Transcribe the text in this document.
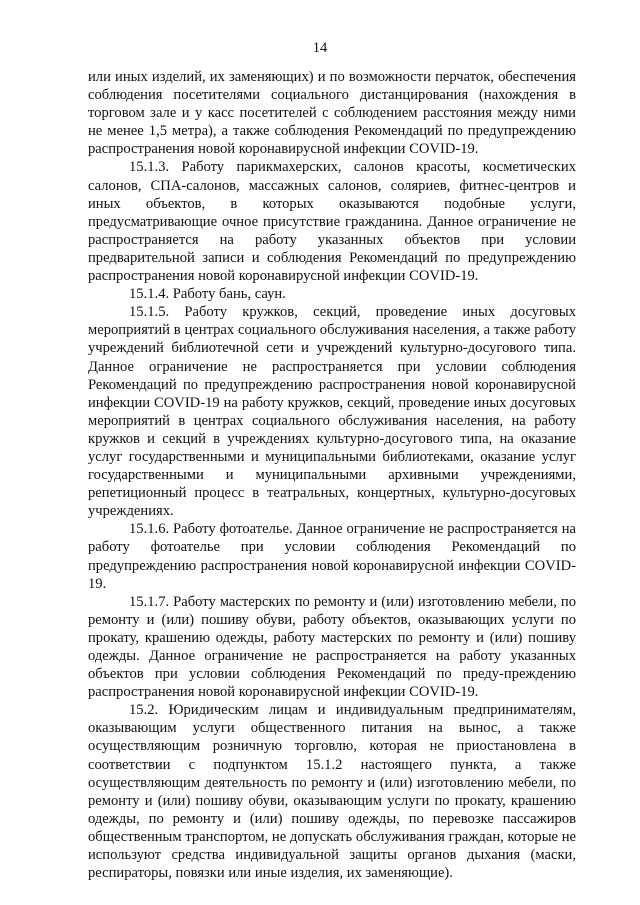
14

или иных изделий, их заменяющих) и по возможности перчаток, обеспечения соблюдения посетителями социального дистанцирования (нахождения в торговом зале и у касс посетителей с соблюдением расстояния между ними не менее 1,5 метра), а также соблюдения Рекомендаций по предупреждению распространения новой коронавирусной инфекции COVID-19.

15.1.3. Работу парикмахерских, салонов красоты, косметических салонов, СПА-салонов, массажных салонов, соляриев, фитнес-центров и иных объектов, в которых оказываются подобные услуги, предусматривающие очное присутствие гражданина. Данное ограничение не распространяется на работу указанных объектов при условии предварительной записи и соблюдения Рекомендаций по предупреждению распространения новой коронавирусной инфекции COVID-19.

15.1.4. Работу бань, саун.

15.1.5. Работу кружков, секций, проведение иных досуговых мероприятий в центрах социального обслуживания населения, а также работу учреждений библиотечной сети и учреждений культурно-досугового типа. Данное ограничение не распространяется при условии соблюдения Рекомендаций по предупреждению распространения новой коронавирусной инфекции COVID-19 на работу кружков, секций, проведение иных досуговых мероприятий в центрах социального обслуживания населения, на работу кружков и секций в учреждениях культурно-досугового типа, на оказание услуг государственными и муниципальными библиотеками, оказание услуг государственными и муниципальными архивными учреждениями, репетиционный процесс в театральных, концертных, культурно-досуговых учреждениях.

15.1.6. Работу фотоателье. Данное ограничение не распространяется на работу фотоателье при условии соблюдения Рекомендаций по предупреждению распространения новой коронавирусной инфекции COVID-19.

15.1.7. Работу мастерских по ремонту и (или) изготовлению мебели, по ремонту и (или) пошиву обуви, работу объектов, оказывающих услуги по прокату, крашению одежды, работу мастерских по ремонту и (или) пошиву одежды. Данное ограничение не распространяется на работу указанных объектов при условии соблюдения Рекомендаций по преду-преждению распространения новой коронавирусной инфекции COVID-19.

15.2. Юридическим лицам и индивидуальным предпринимателям, оказывающим услуги общественного питания на вынос, а также осуществляющим розничную торговлю, которая не приостановлена в соответствии с подпунктом 15.1.2 настоящего пункта, а также осуществляющим деятельность по ремонту и (или) изготовлению мебели, по ремонту и (или) пошиву обуви, оказывающим услуги по прокату, крашению одежды, по ремонту и (или) пошиву одежды, по перевозке пассажиров общественным транспортом, не допускать обслуживания граждан, которые не используют средства индивидуальной защиты органов дыхания (маски, респираторы, повязки или иные изделия, их заменяющие).
